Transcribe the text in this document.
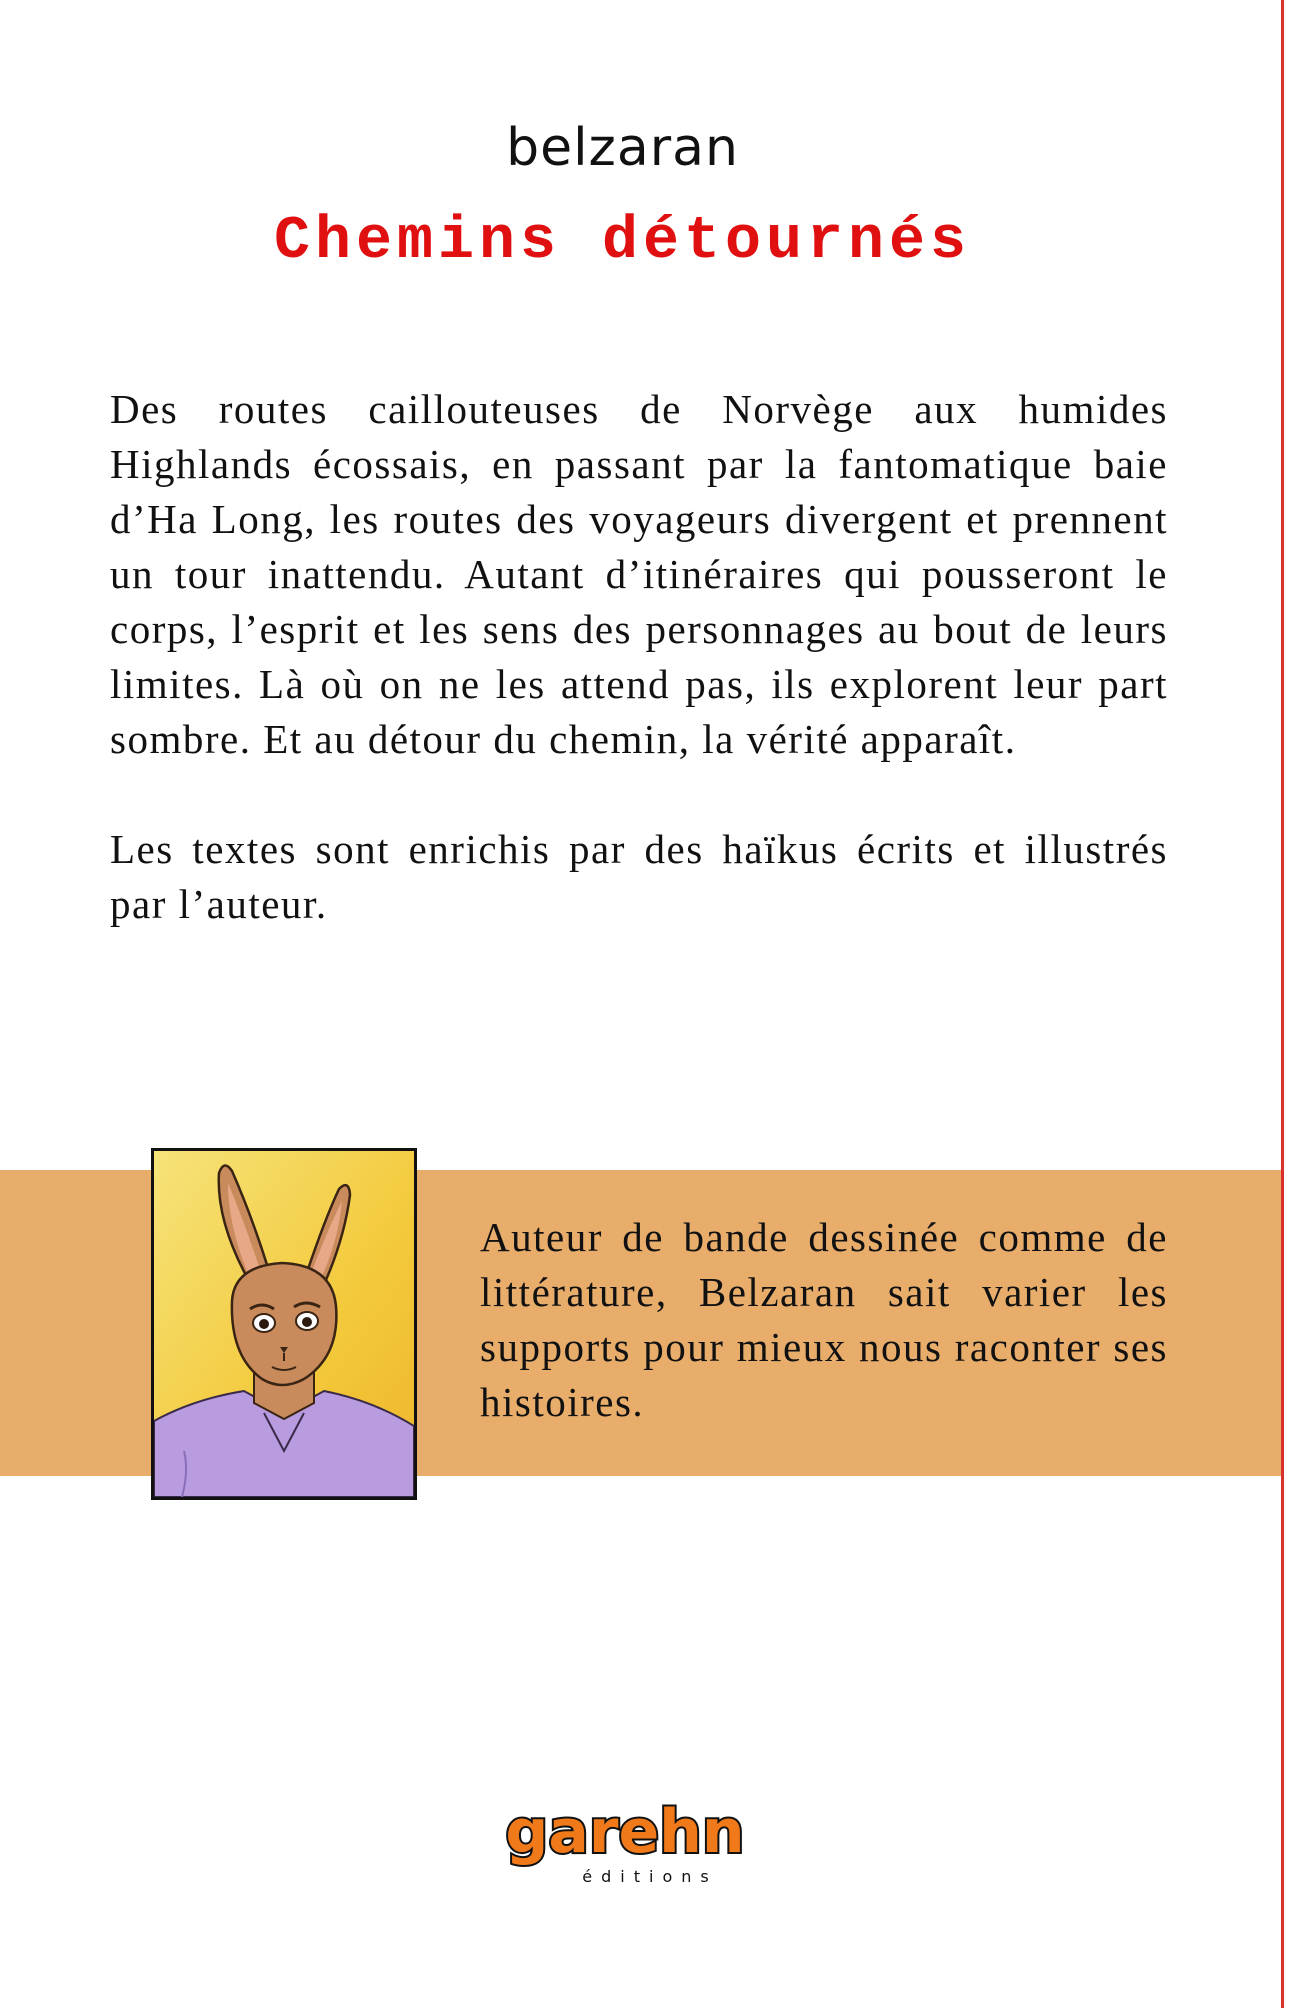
belzaran
Chemins détournés

Des routes caillouteuses de Norvège aux humides Highlands écossais, en passant par la fantomatique baie d’Ha Long, les routes des voyageurs divergent et prennent un tour inattendu. Autant d’itinéraires qui pousseront le corps, l’esprit et les sens des personnages au bout de leurs limites. Là où on ne les attend pas, ils explorent leur part sombre. Et au détour du chemin, la vérité apparaît.

Les textes sont enrichis par des haïkus écrits et illustrés par l’auteur.

Auteur de bande dessinée comme de littérature, Belzaran sait varier les supports pour mieux nous raconter ses histoires.
garehn
éditions
